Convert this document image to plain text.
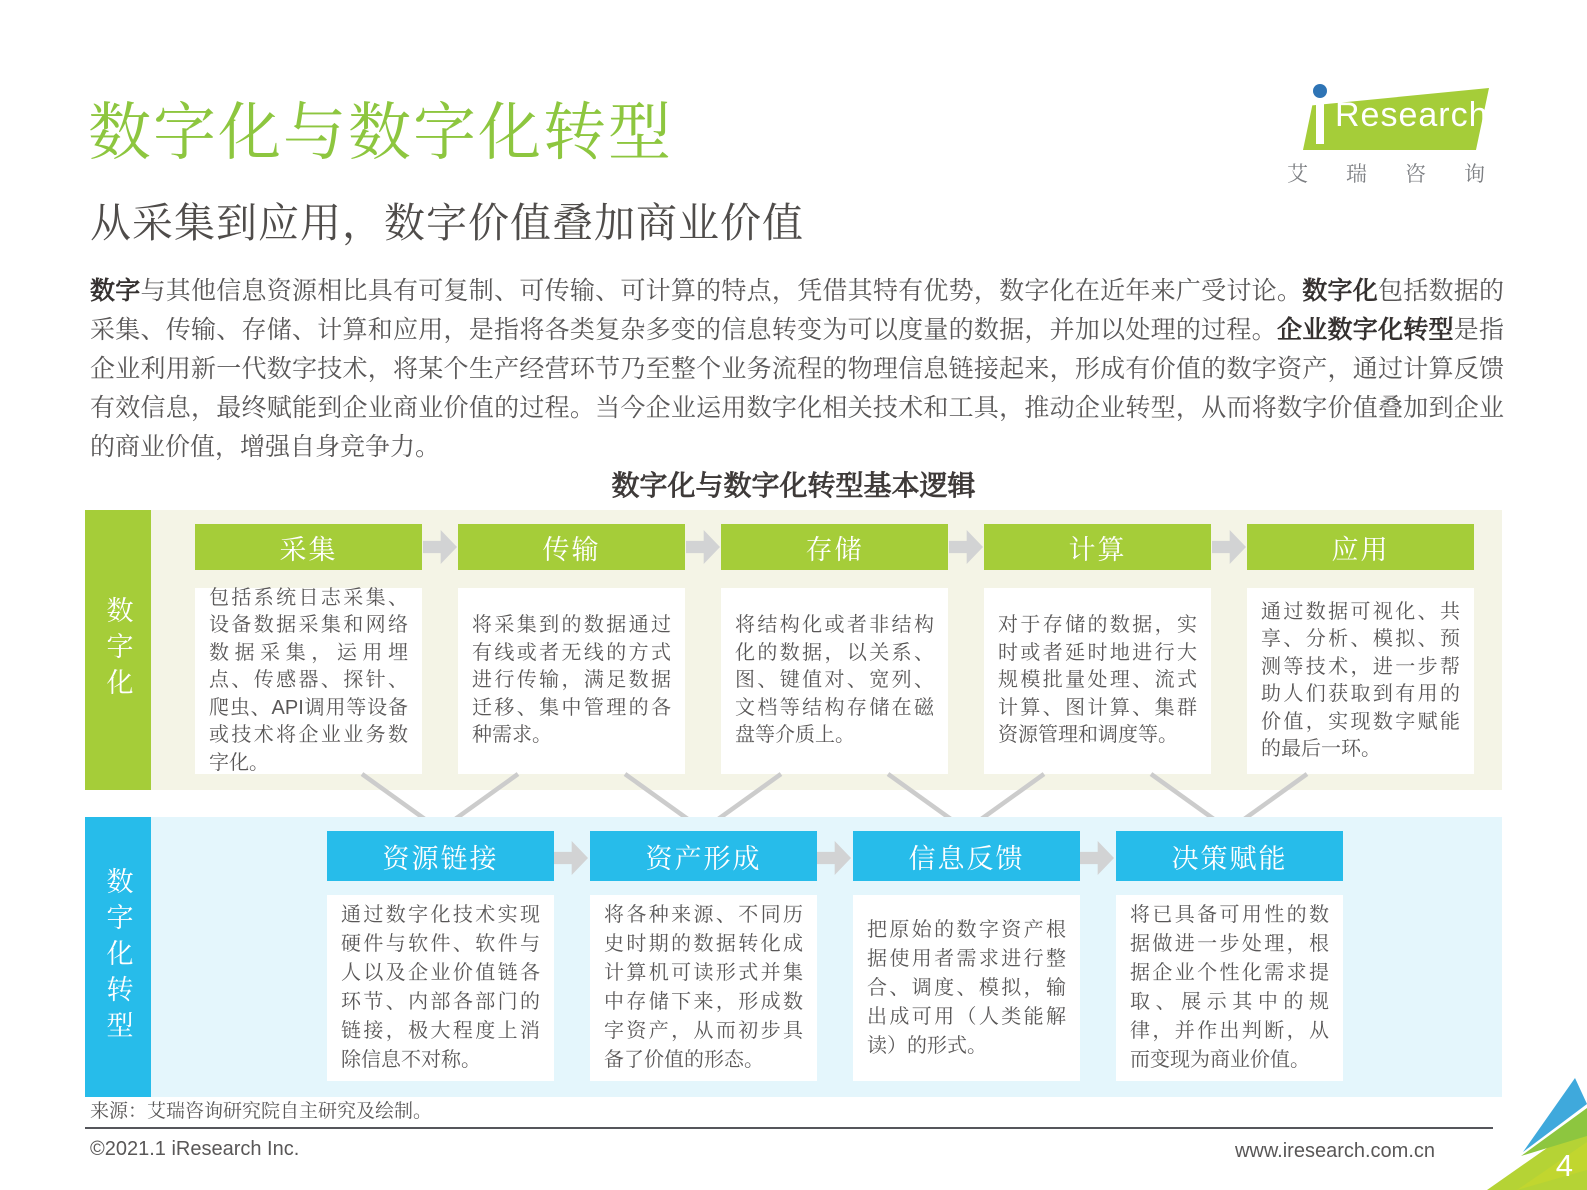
数字化与数字化转型
从采集到应用，数字价值叠加商业价值
Research
艾瑞咨询
数字与其他信息资源相比具有可复制、可传输、可计算的特点，凭借其特有优势，数字化在近年来广受讨论。数字化包括数据的采集、传输、存储、计算和应用，是指将各类复杂多变的信息转变为可以度量的数据，并加以处理的过程。企业数字化转型是指企业利用新一代数字技术，将某个生产经营环节乃至整个业务流程的物理信息链接起来，形成有价值的数字资产，通过计算反馈有效信息，最终赋能到企业商业价值的过程。当今企业运用数字化相关技术和工具，推动企业转型，从而将数字价值叠加到企业的商业价值，增强自身竞争力。
数字化与数字化转型基本逻辑
数字化
采集
包括系统日志采集、设备数据采集和网络数据采集，运用埋点、传感器、探针、爬虫、API调用等设备或技术将企业业务数字化。
传输
将采集到的数据通过有线或者无线的方式进行传输，满足数据迁移、集中管理的各种需求。
存储
将结构化或者非结构化的数据，以关系、图、键值对、宽列、文档等结构存储在磁盘等介质上。
计算
对于存储的数据，实时或者延时地进行大规模批量处理、流式计算、图计算、集群资源管理和调度等。
应用
通过数据可视化、共享、分析、模拟、预测等技术，进一步帮助人们获取到有用的价值，实现数字赋能的最后一环。
数字化转型
资源链接
通过数字化技术实现硬件与软件、软件与人以及企业价值链各环节、内部各部门的链接，极大程度上消除信息不对称。
资产形成
将各种来源、不同历史时期的数据转化成计算机可读形式并集中存储下来，形成数字资产，从而初步具备了价值的形态。
信息反馈
把原始的数字资产根据使用者需求进行整合、调度、模拟，输出成可用（人类能解读）的形式。
决策赋能
将已具备可用性的数据做进一步处理，根据企业个性化需求提取、展示其中的规律，并作出判断，从而变现为商业价值。
来源：艾瑞咨询研究院自主研究及绘制。
©2021.1 iResearch Inc.	www.iresearch.com.cn	4
